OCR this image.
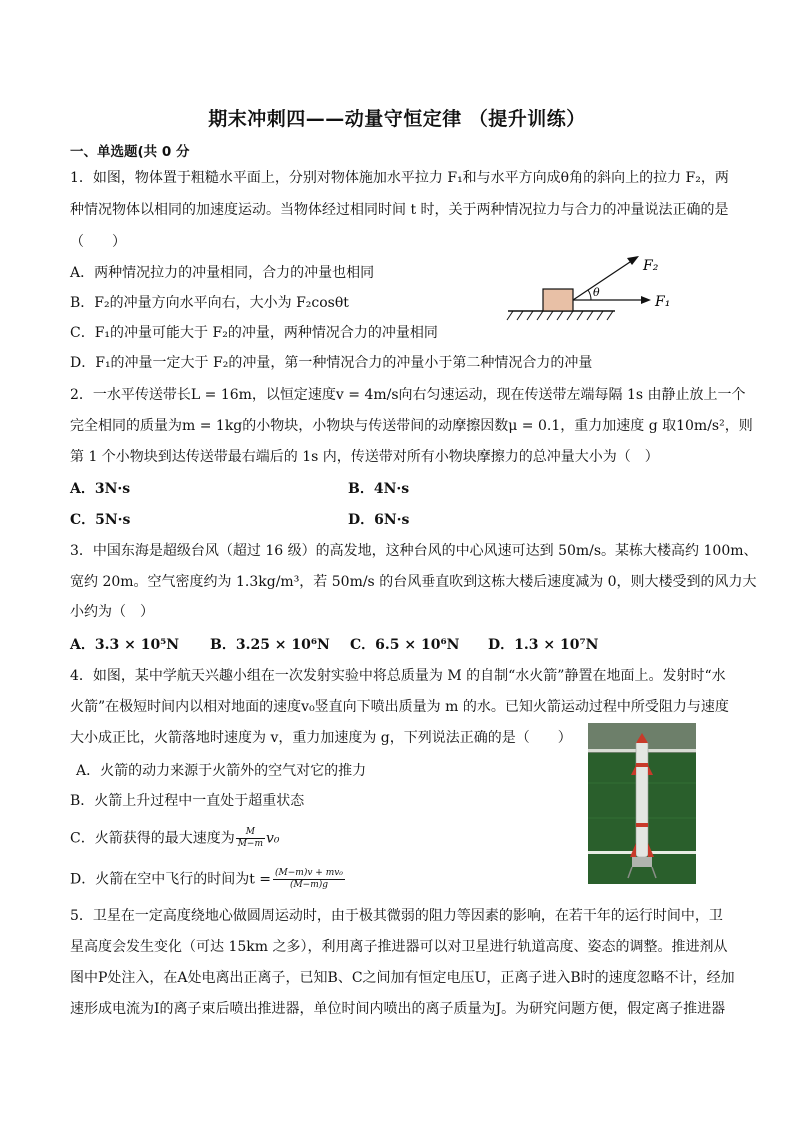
期末冲刺四——动量守恒定律 （提升训练）
一、单选题(共 0 分
1．如图，物体置于粗糙水平面上，分别对物体施加水平拉力 F₁和与水平方向成θ角的斜向上的拉力 F₂，两
种情况物体以相同的加速度运动。当物体经过相同时间 t 时，关于两种情况拉力与合力的冲量说法正确的是
（　　）
A．两种情况拉力的冲量相同，合力的冲量也相同
B．F₂的冲量方向水平向右，大小为 F₂cosθt
C．F₁的冲量可能大于 F₂的冲量，两种情况合力的冲量相同
D．F₁的冲量一定大于 F₂的冲量，第一种情况合力的冲量小于第二种情况合力的冲量
θ
F₁
F₂
2．一水平传送带长L = 16m，以恒定速度v = 4m/s向右匀速运动，现在传送带左端每隔 1s 由静止放上一个
完全相同的质量为m = 1kg的小物块，小物块与传送带间的动摩擦因数μ = 0.1，重力加速度 g 取10m/s²，则
第 1 个小物块到达传送带最右端后的 1s 内，传送带对所有小物块摩擦力的总冲量大小为（　）
A．3N·s	B．4N·s
C．5N·s	D．6N·s
3．中国东海是超级台风（超过 16 级）的高发地，这种台风的中心风速可达到 50m/s。某栋大楼高约 100m、
宽约 20m。空气密度约为 1.3kg/m³，若 50m/s 的台风垂直吹到这栋大楼后速度减为 0，则大楼受到的风力大
小约为（　）
A．3.3 × 10⁵N B．3.25 × 10⁶N C．6.5 × 10⁶N D．1.3 × 10⁷N
4．如图，某中学航天兴趣小组在一次发射实验中将总质量为 M 的自制“水火箭”静置在地面上。发射时“水
火箭”在极短时间内以相对地面的速度v₀竖直向下喷出质量为 m 的水。已知火箭运动过程中所受阻力与速度
大小成正比，火箭落地时速度为 v，重力加速度为 g，下列说法正确的是（　　）
A．火箭的动力来源于火箭外的空气对它的推力
B．火箭上升过程中一直处于超重状态
C．火箭获得的最大速度为 $\frac{M}{M-m} v_0$
D．火箭在空中飞行的时间为$t = \frac{\text{(M−m)v + mv₀}}{(M-m)g}$
5．卫星在一定高度绕地心做圆周运动时，由于极其微弱的阻力等因素的影响，在若干年的运行时间中，卫
星高度会发生变化（可达 15km 之多），利用离子推进器可以对卫星进行轨道高度、姿态的调整。推进剂从
图中P处注入，在A处电离出正离子，已知B、C之间加有恒定电压U，正离子进入B时的速度忽略不计，经加
速形成电流为I的离子束后喷出推进器，单位时间内喷出的离子质量为J。为研究问题方便，假定离子推进器
